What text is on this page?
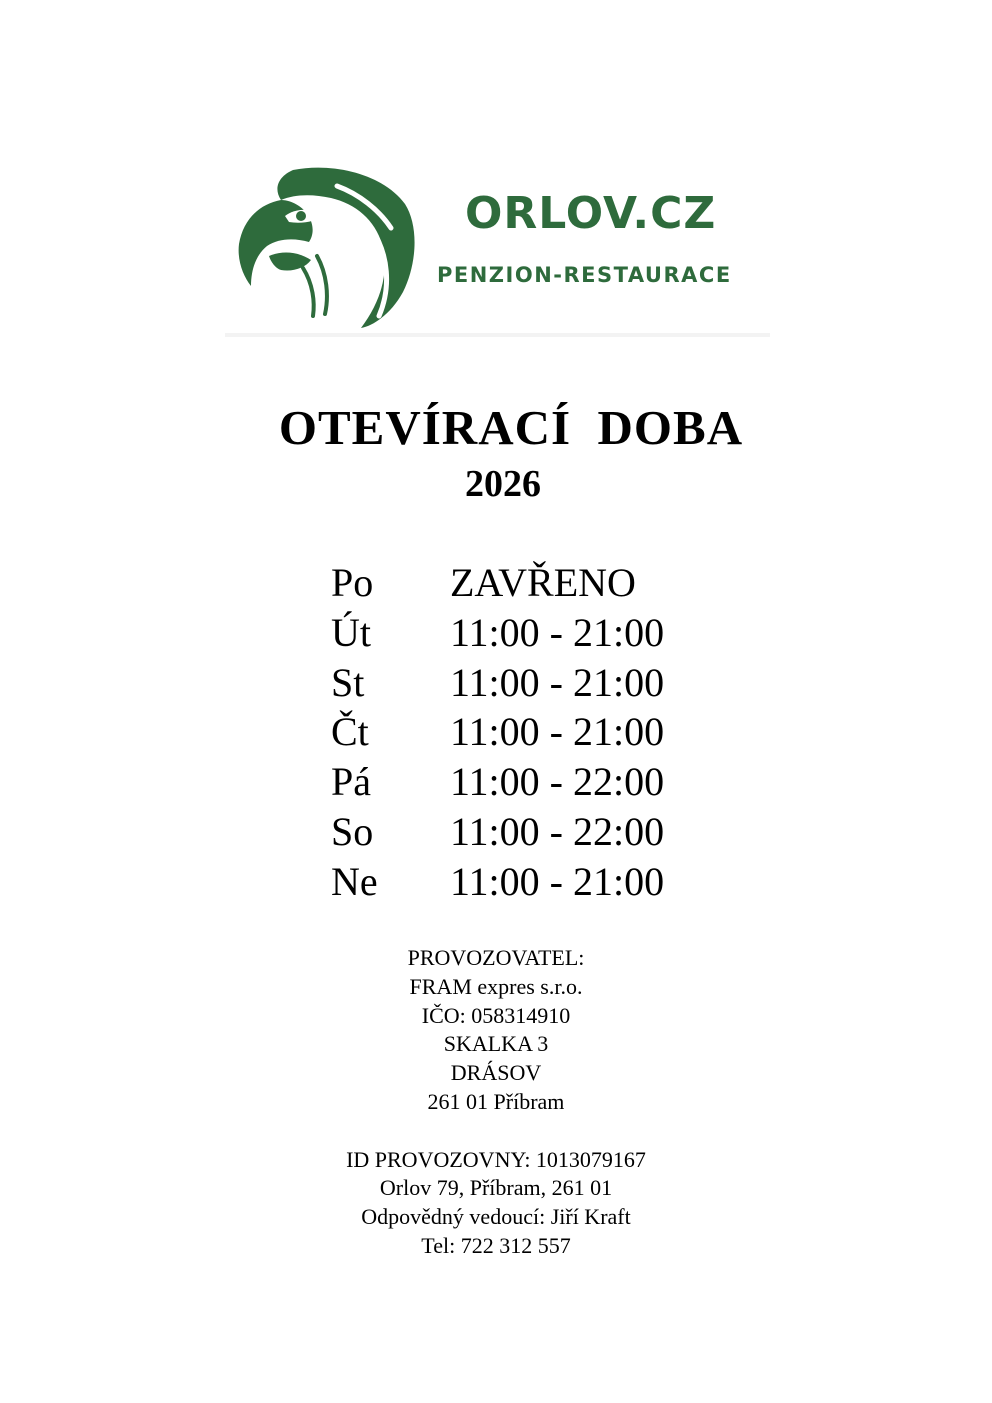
ORLOV.CZ
PENZION-RESTAURACE
OTEVÍRACÍ  DOBA
2026
Po	ZAVŘENO
Út	11:00 - 21:00
St	11:00 - 21:00
Čt	11:00 - 21:00
Pá	11:00 - 22:00
So	11:00 - 22:00
Ne	11:00 - 21:00
PROVOZOVATEL:
FRAM expres s.r.o.
IČO: 058314910
SKALKA 3
DRÁSOV
261 01 Příbram
ID PROVOZOVNY: 1013079167
Orlov 79, Příbram, 261 01
Odpovědný vedoucí: Jiří Kraft
Tel: 722 312 557
